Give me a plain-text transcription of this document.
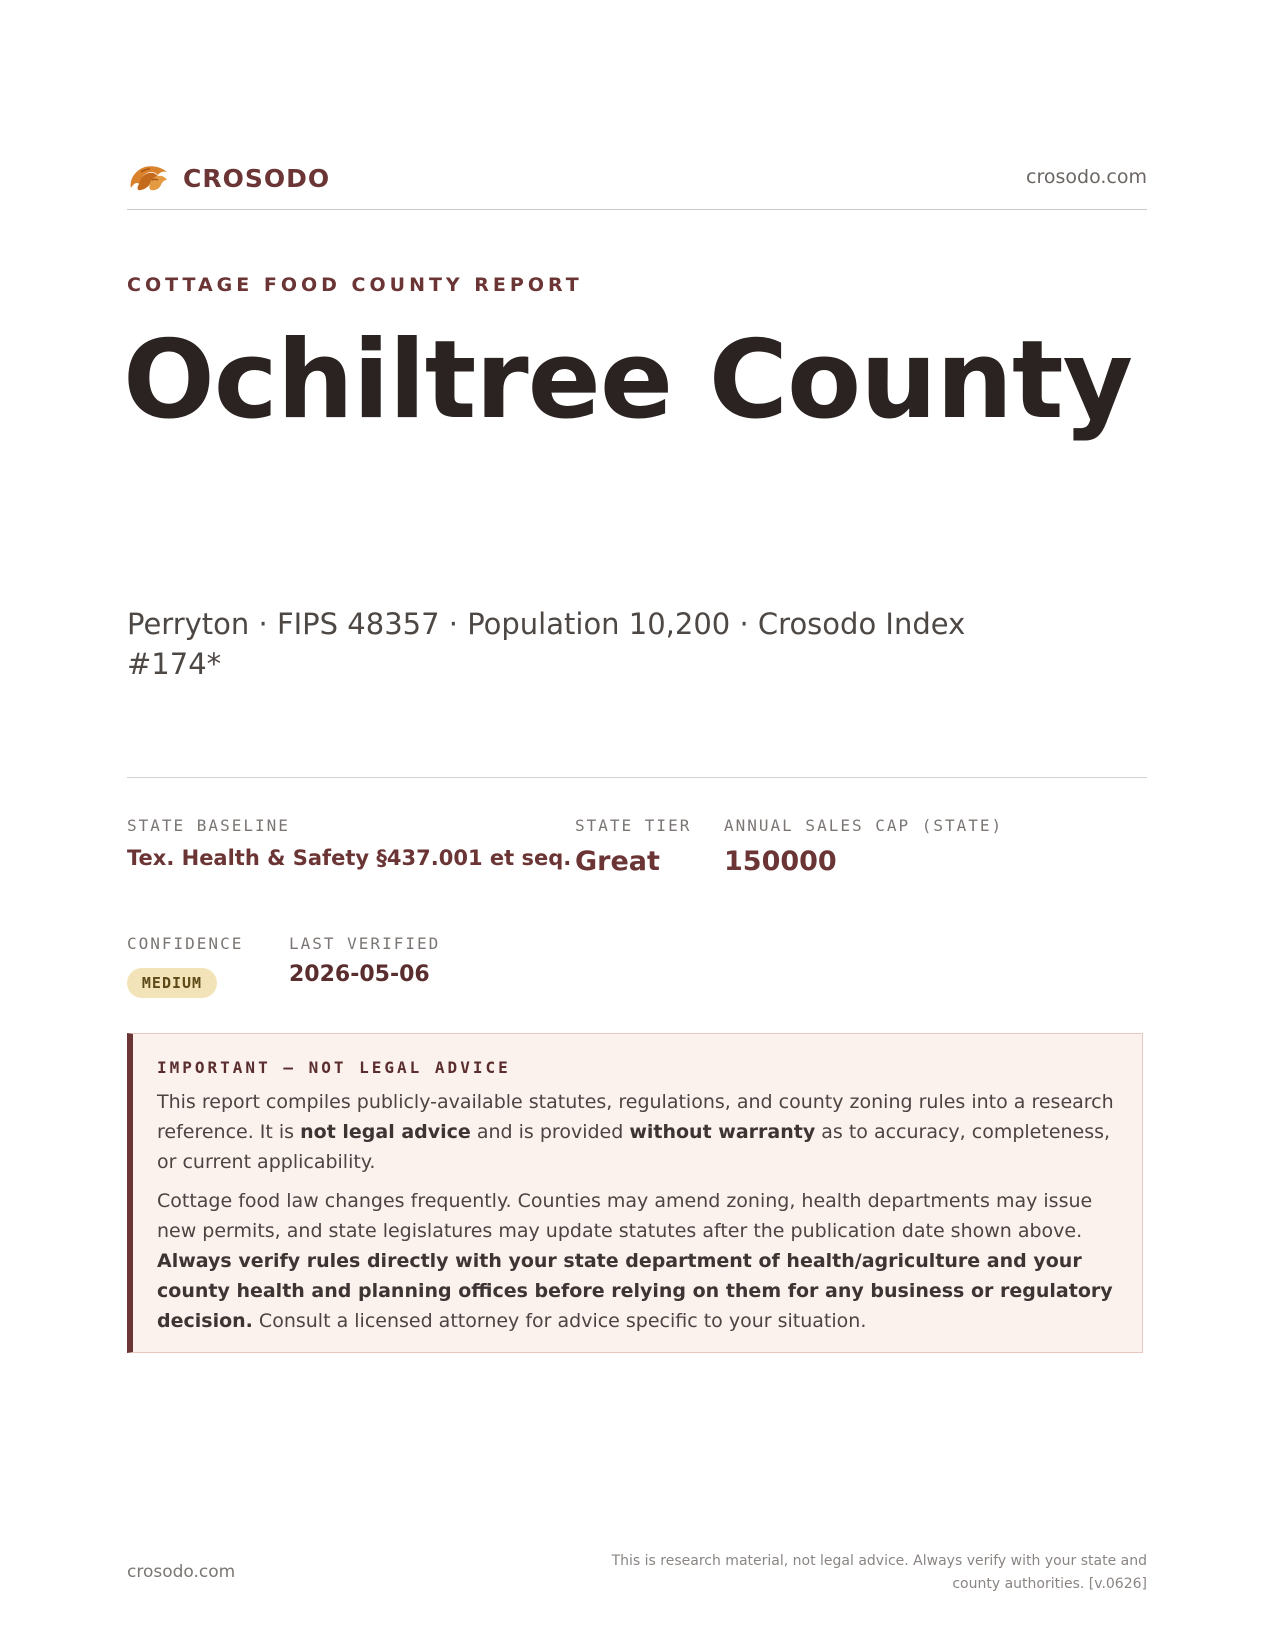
CROSODO	crosodo.com
COTTAGE FOOD COUNTY REPORT
Ochiltree County

Perryton · FIPS 48357 · Population 10,200 · Crosodo Index #174*

STATE BASELINE
Tex. Health & Safety §437.001 et seq.
STATE TIER
Great
ANNUAL SALES CAP (STATE)
150000
CONFIDENCE
MEDIUM
LAST VERIFIED
2026-05-06
IMPORTANT — NOT LEGAL ADVICE

This report compiles publicly-available statutes, regulations, and county zoning rules into a research reference. It is not legal advice and is provided without warranty as to accuracy, completeness, or current applicability.

Cottage food law changes frequently. Counties may amend zoning, health departments may issue new permits, and state legislatures may update statutes after the publication date shown above. Always verify rules directly with your state department of health/agriculture and your county health and planning offices before relying on them for any business or regulatory decision. Consult a licensed attorney for advice specific to your situation.

crosodo.com

This is research material, not legal advice. Always verify with your state and county authorities. [v.0626]
